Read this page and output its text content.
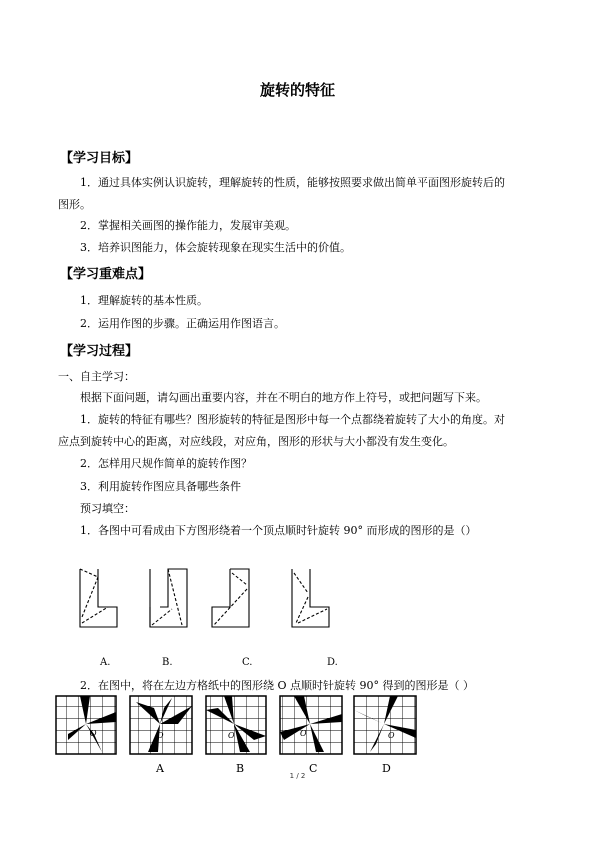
旋转的特征
【学习目标】
1．通过具体实例认识旋转，理解旋转的性质，能够按照要求做出简单平面图形旋转后的
图形。
2．掌握相关画图的操作能力，发展审美观。
3．培养识图能力，体会旋转现象在现实生活中的价值。
【学习重难点】
1．理解旋转的基本性质。
2．运用作图的步骤。正确运用作图语言。
【学习过程】
一、自主学习：
根据下面问题，请勾画出重要内容，并在不明白的地方作上符号，或把问题写下来。
1．旋转的特征有哪些？图形旋转的特征是图形中每一个点都绕着旋转了大小的角度。对
应点到旋转中心的距离，对应线段，对应角，图形的形状与大小都没有发生变化。
2．怎样用尺规作简单的旋转作图？
3．利用旋转作图应具备哪些条件
预习填空：
1．各图中可看成由下方图形绕着一个顶点顺时针旋转 90° 而形成的图形的是（）
A.	B.	C.	D.
2．在图中，将在左边方格纸中的图形绕 O 点顺时针旋转 90° 得到的图形是（ ）
O	O	O	O	O
A	B	C	D
1 / 2
